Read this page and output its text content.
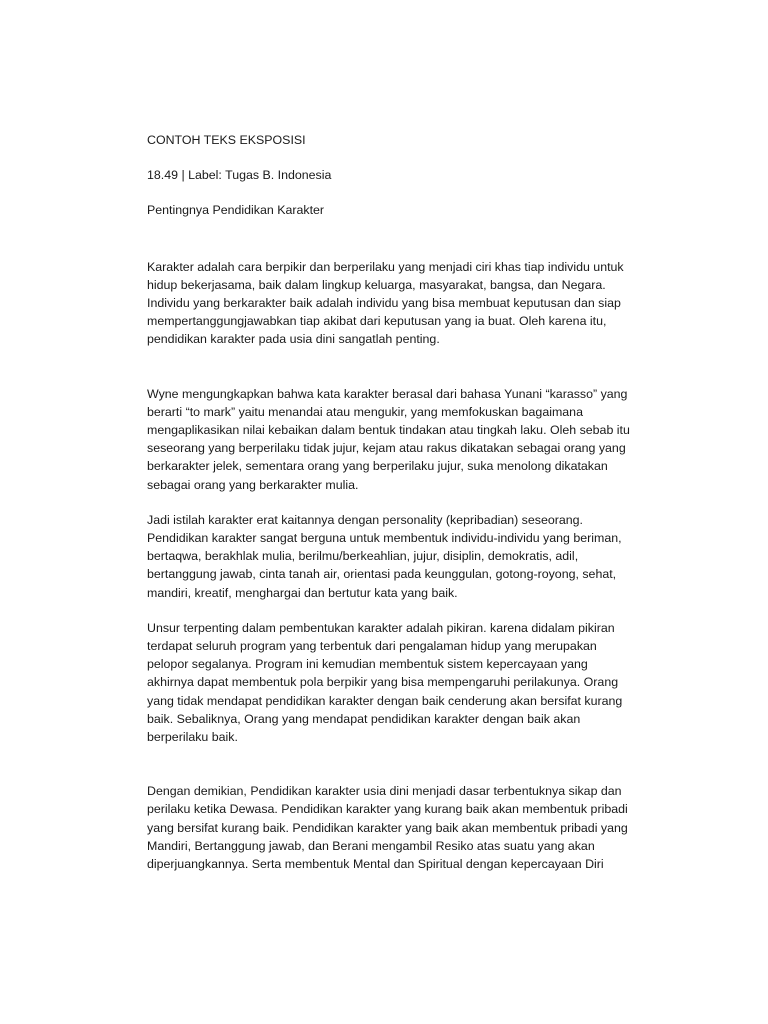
CONTOH TEKS EKSPOSISI

18.49 | Label: Tugas B. Indonesia

Pentingnya Pendidikan Karakter

Karakter adalah cara berpikir dan berperilaku yang menjadi ciri khas tiap individu untuk
hidup bekerjasama, baik dalam lingkup keluarga, masyarakat, bangsa, dan Negara.
Individu yang berkarakter baik adalah individu yang bisa membuat keputusan dan siap
mempertanggungjawabkan tiap akibat dari keputusan yang ia buat. Oleh karena itu,
pendidikan karakter pada usia dini sangatlah penting.

Wyne mengungkapkan bahwa kata karakter berasal dari bahasa Yunani “karasso” yang
berarti “to mark” yaitu menandai atau mengukir, yang memfokuskan bagaimana
mengaplikasikan nilai kebaikan dalam bentuk tindakan atau tingkah laku. Oleh sebab itu
seseorang yang berperilaku tidak jujur, kejam atau rakus dikatakan sebagai orang yang
berkarakter jelek, sementara orang yang berperilaku jujur, suka menolong dikatakan
sebagai orang yang berkarakter mulia.

Jadi istilah karakter erat kaitannya dengan personality (kepribadian) seseorang.
Pendidikan karakter sangat berguna untuk membentuk individu-individu yang beriman,
bertaqwa, berakhlak mulia, berilmu/berkeahlian, jujur, disiplin, demokratis, adil,
bertanggung jawab, cinta tanah air, orientasi pada keunggulan, gotong-royong, sehat,
mandiri, kreatif, menghargai dan bertutur kata yang baik.

Unsur terpenting dalam pembentukan karakter adalah pikiran. karena didalam pikiran
terdapat seluruh program yang terbentuk dari pengalaman hidup yang merupakan
pelopor segalanya. Program ini kemudian membentuk sistem kepercayaan yang
akhirnya dapat membentuk pola berpikir yang bisa mempengaruhi perilakunya. Orang
yang tidak mendapat pendidikan karakter dengan baik cenderung akan bersifat kurang
baik. Sebaliknya, Orang yang mendapat pendidikan karakter dengan baik akan
berperilaku baik.

Dengan demikian, Pendidikan karakter usia dini menjadi dasar terbentuknya sikap dan
perilaku ketika Dewasa. Pendidikan karakter yang kurang baik akan membentuk pribadi
yang bersifat kurang baik. Pendidikan karakter yang baik akan membentuk pribadi yang
Mandiri, Bertanggung jawab, dan Berani mengambil Resiko atas suatu yang akan
diperjuangkannya. Serta membentuk Mental dan Spiritual dengan kepercayaan Diri
